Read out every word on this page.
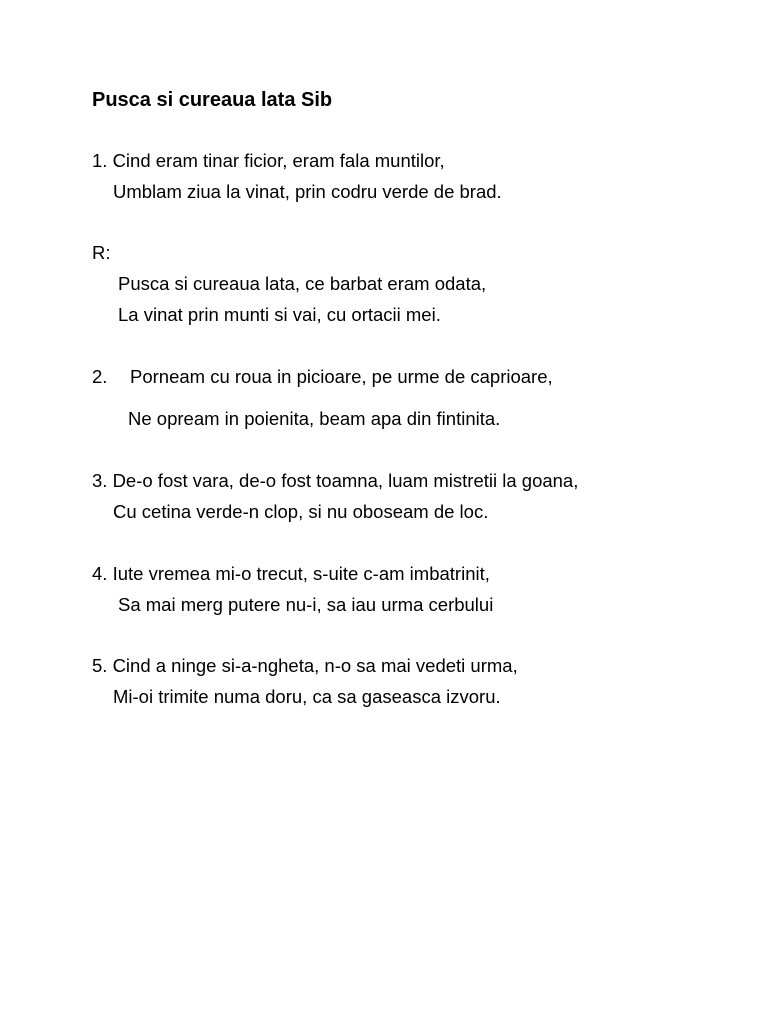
Pusca si cureaua lata Sib
1. Cind eram tinar ficior, eram fala muntilor,
Umblam ziua la vinat, prin codru verde de brad.
R:
Pusca si cureaua lata, ce barbat eram odata,
La vinat prin munti si vai, cu ortacii mei.
2. Porneam cu roua in picioare, pe urme de caprioare,
Ne opream in poienita, beam apa din fintinita.
3. De-o fost vara, de-o fost toamna, luam mistretii la goana,
Cu cetina verde-n clop, si nu oboseam de loc.
4. Iute vremea mi-o trecut, s-uite c-am imbatrinit,
Sa mai merg putere nu-i, sa iau urma cerbului
5. Cind a ninge si-a-ngheta, n-o sa mai vedeti urma,
Mi-oi trimite numa doru, ca sa gaseasca izvoru.
